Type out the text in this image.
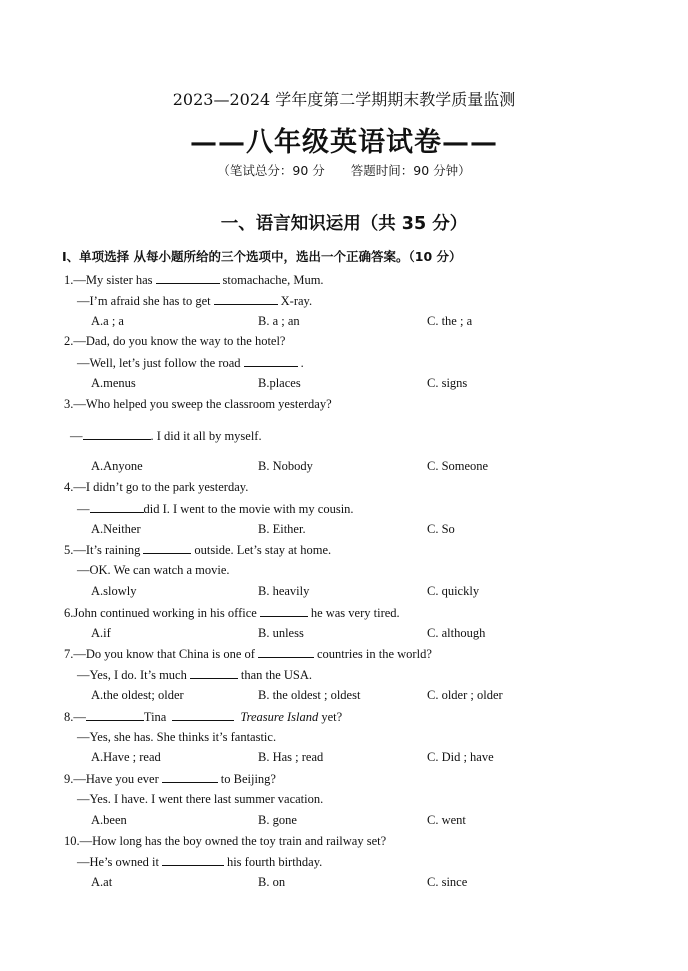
2023—2024 学年度第二学期期末教学质量监测
——八年级英语试卷——
（笔试总分：90 分 答题时间：90 分钟）
一、语言知识运用（共 35 分）
Ⅰ、单项选择 从每小题所给的三个选项中，选出一个正确答案。（10 分）
1.—My sister has	stomachache, Mum.
—I’m afraid she has to get	X-ray.
A.a ; a	B. a ; an	C. the ; a
2.—Dad, do you know the way to the hotel?
—Well, let’s just follow the road	.
A.menus	B.places	C. signs
3.—Who helped you sweep the classroom yesterday?
—	. I did it all by myself.
A.Anyone	B. Nobody	C. Someone
4.—I didn’t go to the park yesterday.
—	did I. I went to the movie with my cousin.
A.Neither	B. Either.	C. So
5.—It’s raining	outside. Let’s stay at home.
—OK. We can watch a movie.
A.slowly	B. heavily	C. quickly
6.John continued working in his office	he was very tired.
A.if	B. unless	C. although
7.—Do you know that China is one of	countries in the world?
—Yes, I do. It’s much	than the USA.
A.the oldest; older	B. the oldest ; oldest	C. older ; older
8.—	Tina	Treasure Island yet?
—Yes, she has. She thinks it’s fantastic.
A.Have ; read	B. Has ; read	C. Did ; have
9.—Have you ever	to Beijing?
—Yes. I have. I went there last summer vacation.
A.been	B. gone	C. went
10.—How long has the boy owned the toy train and railway set?
—He’s owned it	his fourth birthday.
A.at	B. on	C. since
